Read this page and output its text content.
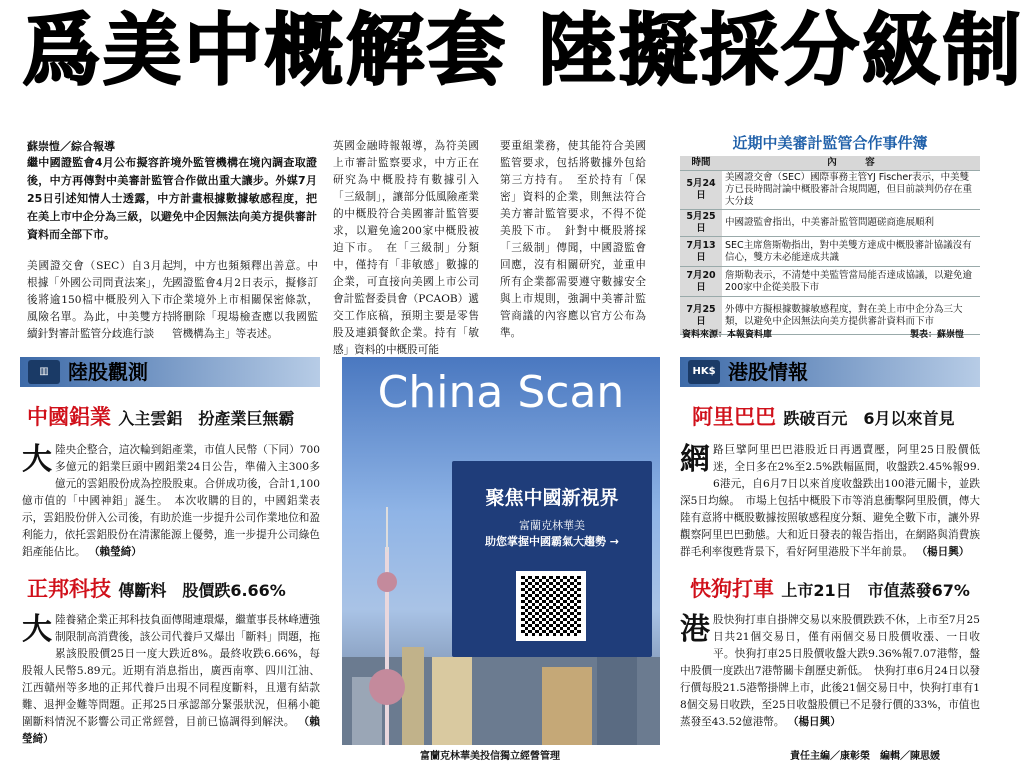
爲美中概解套 陸擬採分級制
蘇崇愷／綜合報導
繼中國證監會4月公布擬容許境外監管機構在境內調查取證後，中方再傳對中美審計監管合作做出重大讓步。外媒7月25日引述知情人士透露，中方計畫根據數據敏感程度，把在美上市中企分為三級，以避免中企因無法向美方提供審計資料而全部下市。
美國證交會（SEC）自3月起根據「外國公司問責法案」，先後將逾150檔中概股列入下市風險名單。為此，中美雙方持續針對審計監管分歧進行談
判，中方也頻頻釋出善意。中國證監會4月2日表示，擬修訂企業境外上市相關保密條款，將刪除「現場檢查應以我國監管機構為主」等表述。
英國金融時報報導，為符美國上市審計監察要求，中方正在研究為中概股持有數據引入「三級制」，讓部分低風險產業的中概股符合美國審計監管要求，以避免逾200家中概股被迫下市。　在「三級制」分類中，僅持有「非敏感」數據的企業，可直接向美國上市公司會計監督委員會（PCAOB）遞交工作底稿，預期主要是零售股及連鎖餐飲企業。持有「敏感」資料的中概股可能
要重組業務，使其能符合美國監管要求，包括將數據外包給第三方持有。　至於持有「保密」資料的企業，則無法符合美方審計監管要求，不得不從美股下市。　針對中概股將採「三級制」傳聞，中國證監會回應，沒有相關研究，並重申所有企業都需要遵守數據安全與上市規則，強調中美審計監管商議的內容應以官方公布為準。
近期中美審計監管合作事件簿
時間	內　　　容
5月24日	美國證交會（SEC）國際事務主管YJ Fischer表示，中美雙方已長時間討論中概股審計合規問題，但目前談判仍存在重大分歧
5月25日	中國證監會指出，中美審計監管問題磋商進展順利
7月13日	SEC主席詹斯勒指出，對中美雙方達成中概股審計協議沒有信心，雙方未必能達成共識
7月20日	詹斯勒表示，不清楚中美監管當局能否達成協議，以避免逾200家中企從美股下市
7月25日	外傳中方擬根據數據敏感程度，對在美上市中企分為三大類，以避免中企因無法向美方提供審計資料而下市
資料來源：本報資料庫	製表：蘇崇愷
▥ 陸股觀測
中國鋁業 入主雲鋁　扮產業巨無霸
大 陸央企整合，這次輪到鋁產業，市值人民幣（下同）700多億元的鋁業巨頭中國鋁業24日公告，準備入主300多億元的雲鋁股份成為控股股東。合併成功後，合計1,100億市值的「中國神鋁」誕生。　本次收購的目的，中國鋁業表示，雲鋁股份併入公司後，有助於進一步提升公司作業地位和盈利能力，依托雲鋁股份在清潔能源上優勢，進一步提升公司綠色鋁產能佔比。 （賴瑩綺）
正邦科技 傳斷料　股價跌6.66%
大 陸養豬企業正邦科技負面傳聞連環爆，繼董事長林峰遭強制限制高消費後，該公司代養戶又爆出「斷料」問題，拖累該股股價25日一度大跌近8%。最終收跌6.66%，每股報人民幣5.89元。近期有消息指出，廣西南寧、四川江油、江西贛州等多地的正邦代養戶出現不同程度斷料，且還有結款難、退押金難等問題。正邦25日承認部分緊張狀況，但稱小範圍斷料情況不影響公司正常經營，目前已協調得到解決。 （賴瑩綺）
China Scan
聚焦中國新視界
富蘭克林華美
助您掌握中國霸氣大趨勢 →
HK$ 港股情報
阿里巴巴 跌破百元　6月以來首見
網 路巨擘阿里巴巴港股近日再遇賣壓，阿里25日股價低迷，全日多在2%至2.5%跌幅區間，收盤跌2.45%報99.6港元，自6月7日以來首度收盤跌出100港元關卡，並跌深5日均線。　市場上包括中概股下市等消息衝擊阿里股價，傳大陸有意將中概股數據按照敏感程度分類、避免全數下市，讓外界觀察阿里巴巴動態。大和近日發表的報告指出，在網路與消費族群毛利率復甦背景下，看好阿里港股下半年前景。 （楊日興）
快狗打車 上市21日　市值蒸發67%
港 股快狗打車自掛牌交易以來股價跌跌不休，上市至7月25日共21個交易日，僅有兩個交易日股價收漲、一日收平。快狗打車25日股價收盤大跌9.36%報7.07港幣，盤中股價一度跌出7港幣關卡創歷史新低。　快狗打車6月24日以發行價每股21.5港幣掛牌上市，此後21個交易日中，快狗打車有18個交易日收跌，至25日收盤股價已不足發行價的33%，市值也蒸發至43.52億港幣。 （楊日興）
富蘭克林華美投信獨立經營管理	責任主編／康彰榮　編輯／陳思媛
